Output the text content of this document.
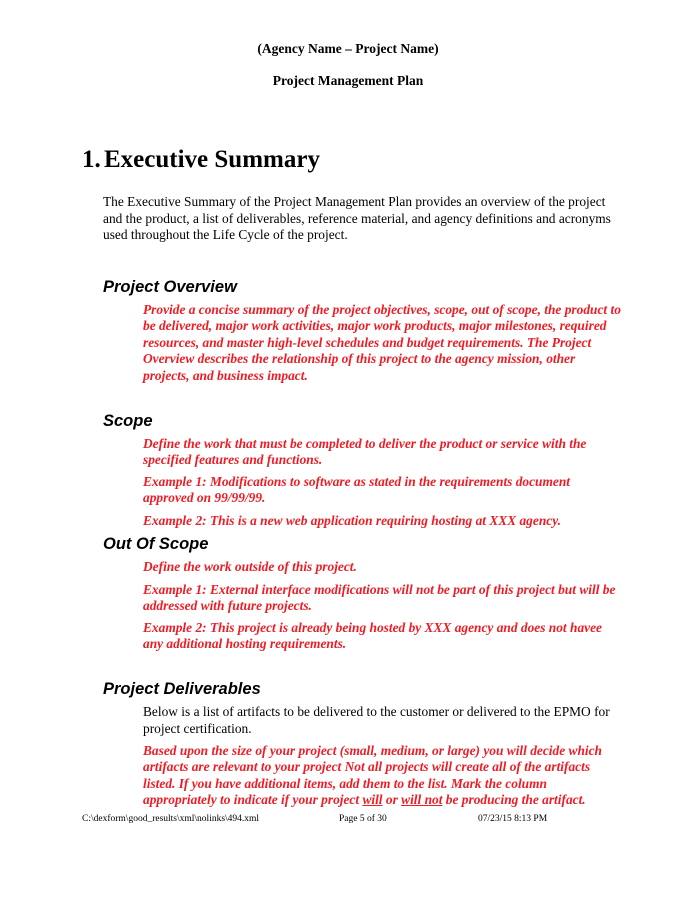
(Agency Name – Project Name)
Project Management Plan
1. Executive Summary
The Executive Summary of the Project Management Plan provides an overview of the project and the product, a list of deliverables, reference material, and agency definitions and acronyms used throughout the Life Cycle of the project.
Project Overview
Provide a concise summary of the project objectives, scope, out of scope, the product to be delivered, major work activities, major work products, major milestones, required resources, and master high-level schedules and budget requirements. The Project Overview describes the relationship of this project to the agency mission, other projects, and business impact.
Scope
Define the work that must be completed to deliver the product or service with the specified features and functions.
Example 1: Modifications to software as stated in the requirements document approved on 99/99/99.
Example 2: This is a new web application requiring hosting at XXX agency.
Out Of Scope
Define the work outside of this project.
Example 1: External interface modifications will not be part of this project but will be addressed with future projects.
Example 2: This project is already being hosted by XXX agency and does not havee any additional hosting requirements.
Project Deliverables
Below is a list of artifacts to be delivered to the customer or delivered to the EPMO for project certification.
Based upon the size of your project (small, medium, or large) you will decide which artifacts are relevant to your project Not all projects will create all of the artifacts listed. If you have additional items, add them to the list. Mark the column appropriately to indicate if your project will or will not be producing the artifact.
C:\dexform\good_results\xml\nolinks\494.xml	Page 5 of 30	07/23/15 8:13 PM
